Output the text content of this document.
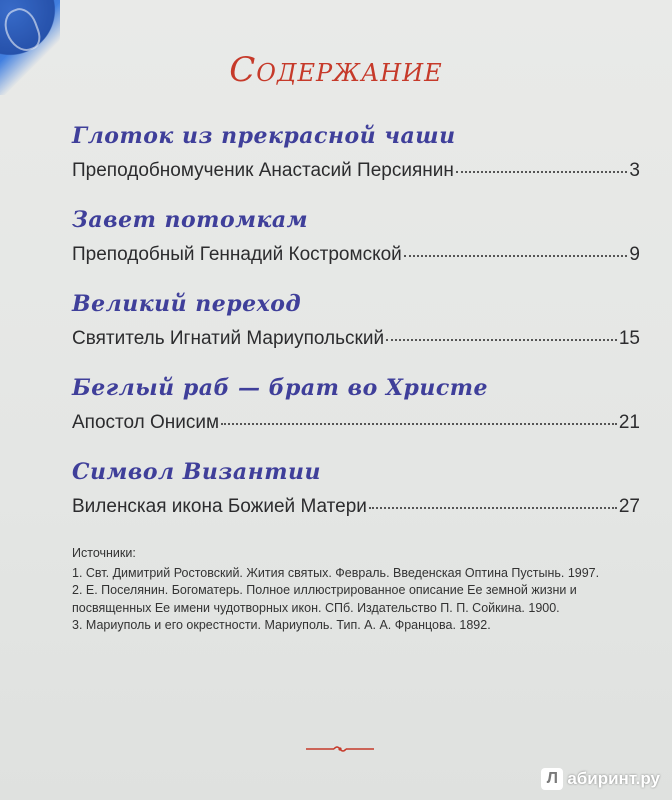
Содержание
Глоток из прекрасной чаши
Преподобномученик Анастасий Персиянин	3
Завет потомкам
Преподобный Геннадий Костромской	9
Великий переход
Святитель Игнатий Мариупольский	15
Беглый раб — брат во Христе
Апостол Онисим	21
Символ Византии
Виленская икона Божией Матери	27
Источники:
1. Свт. Димитрий Ростовский. Жития святых. Февраль. Введенская Оптина Пустынь. 1997.
2. Е. Поселянин. Богоматерь. Полное иллюстрированное описание Ее земной жизни и посвященных Ее имени чудотворных икон. СПб. Издательство П. П. Сойкина. 1900.
3. Мариуполь и его окрестности. Мариуполь. Тип. А. А. Францова. 1892.
Л абиринт.ру
